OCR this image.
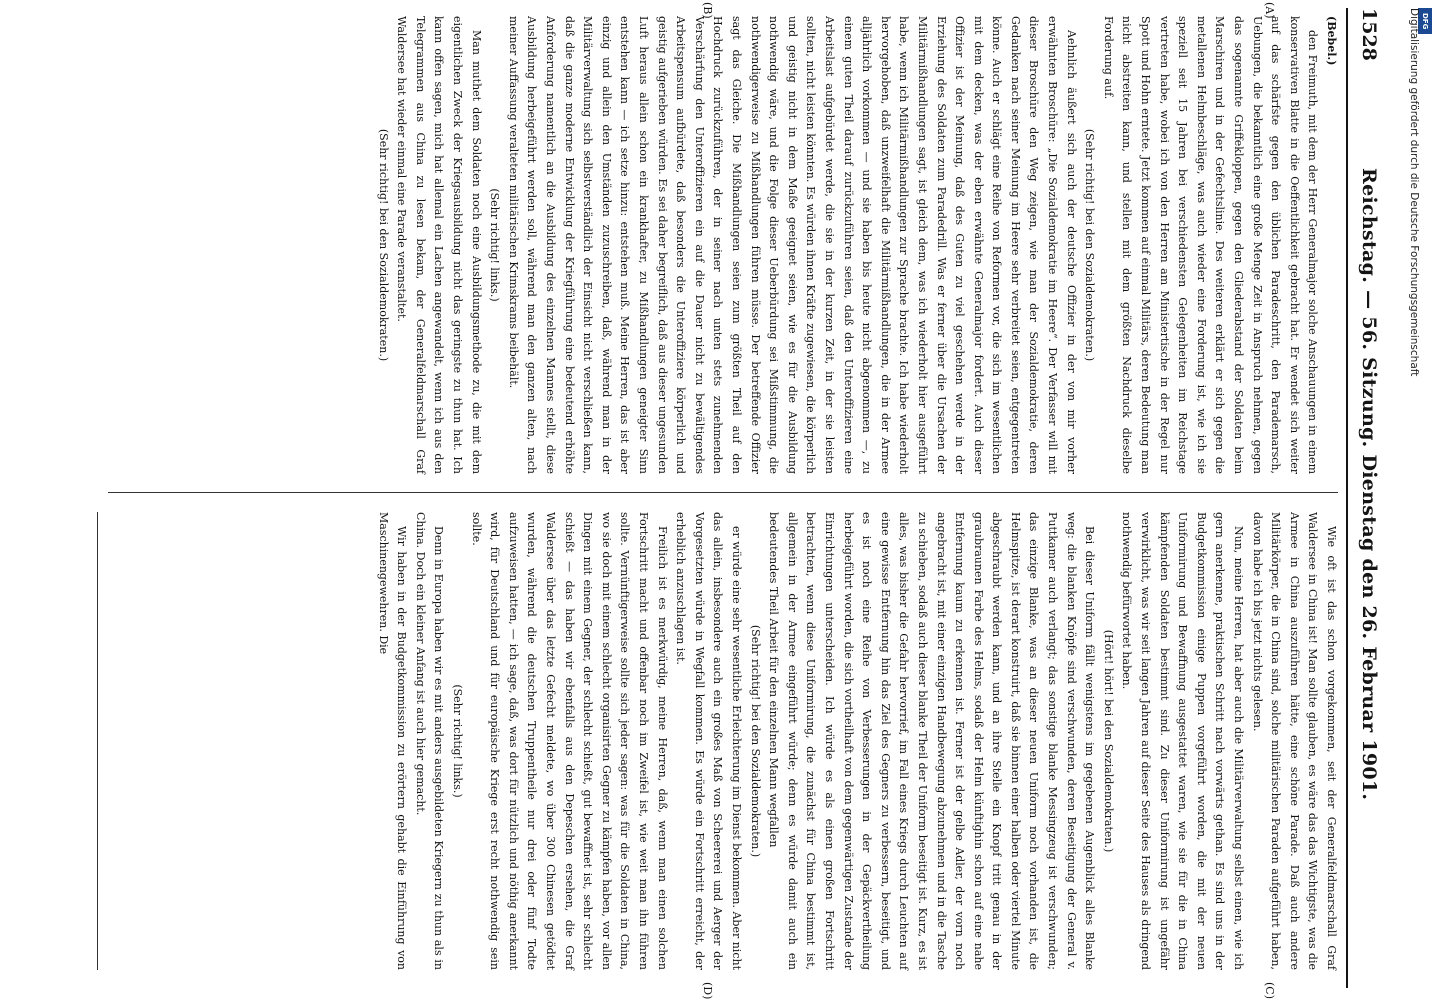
1528
Reichstag. — 56. Sitzung. Dienstag den 26. Februar 1901.
(A)
(B)

(Bebel.)

den Freimuth, mit dem der Herr Generalmajor solche Anschauungen in einem konservativen Blatte in die Oeffentlichkeit gebracht hat. Er wendet sich weiter auf das schärfste gegen den üblichen Paradeschritt, den Parademarsch, Uebungen, die bekanntlich eine große Menge Zeit in Anspruch nehmen, gegen das sogenannte Griffekloppen, gegen den Gliederabstand der Soldaten beim Marschiren und in der Gefechtslinie. Des weiteren erklärt er sich gegen die metallenen Helmbeschläge, was auch wieder eine Forderung ist, wie ich sie speziell seit 15 Jahren bei verschiedensten Gelegenheiten im Reichstage vertreten habe, wobei ich von den Herren am Ministertische in der Regel nur Spott und Hohn erntete. Jetzt kommen auf einmal Militärs, deren Bedeutung man nicht abstreiten kann, und stellen mit dem größten Nachdruck dieselbe Forderung auf.

(Sehr richtig! bei den Sozialdemokraten.)

Aehnlich äußert sich auch der deutsche Offizier in der von mir vorher erwähnten Broschüre: „Die Sozialdemokratie im Heere“. Der Verfasser will mit dieser Broschüre den Weg zeigen, wie man der Sozialdemokratie, deren Gedanken nach seiner Meinung im Heere sehr verbreitet seien, entgegentreten könne. Auch er schlägt eine Reihe von Reformen vor, die sich im wesentlichen mit dem decken, was der eben erwähnte Generalmajor fordert. Auch dieser Offizier ist der Meinung, daß des Guten zu viel geschehen werde in der Erziehung des Soldaten zum Paradedrill. Was er ferner über die Ursachen der Militärmißhandlungen sagt, ist gleich dem, was ich wiederholt hier ausgeführt habe, wenn ich Militärmißhandlungen zur Sprache brachte. Ich habe wiederholt hervorgehoben, daß unzweifelhaft die Militärmißhandlungen, die in der Armee alljährlich vorkommen — und sie haben bis heute nicht abgenommen —, zu einem guten Theil darauf zurückzuführen seien, daß den Unteroffizieren eine Arbeitslast aufgebürdet werde, die sie in der kurzen Zeit, in der sie leisten sollten, nicht leisten könnten. Es würden ihnen Kräfte zugewiesen, die körperlich und geistig nicht in dem Maße geeignet seien, wie es für die Ausbildung nothwendig wäre, und die Folge dieser Ueberbürdung sei Mißstimmung, die nothwendigerweise zu Mißhandlungen führen müsse. Der betreffende Offizier sagt das Gleiche. Die Mißhandlungen seien zum größten Theil auf den Hochdruck zurückzuführen, der in seiner nach unten stets zunehmenden Verschärfung den Unteroffizieren ein auf die Dauer nicht zu bewältigendes Arbeitspensum aufbürdete, daß besonders die Unteroffiziere körperlich und geistig aufgerieben würden. Es sei daher begreiflich, daß aus dieser ungesunden Luft heraus allein schon ein krankhafter, zu Mißhandlungen geneigter Sinn entstehen kann — ich setze hinzu: entstehen muß. Meine Herren, das ist aber einzig und allein den Umständen zuzuschreiben, daß, während man in der Militärverwaltung sich selbstverständlich der Einsicht nicht verschließen kann, daß die ganze moderne Entwicklung der Kriegführung eine bedeutend erhöhte Anforderung namentlich an die Ausbildung des einzelnen Mannes stellt, diese Ausbildung herbeigeführt werden soll, während man den ganzen alten, nach meiner Auffassung veralteten militärischen Krimskrams beibehält.

(Sehr richtig! links.)

Man muthet dem Soldaten noch eine Ausbildungsmethode zu, die mit dem eigentlichen Zweck der Kriegsausbildung nicht das geringste zu thun hat. Ich kann offen sagen, mich hat allemal ein Lachen angewandelt, wenn ich aus den Telegrammen aus China zu lesen bekam, der Generalfeldmarschall Graf Waldersee hat wieder einmal eine Parade veranstaltet.

(Sehr richtig! bei den Sozialdemokraten.)

(C)
(D)

Wie oft ist das schon vorgekommen, seit der Generalfeldmarschall Graf Waldersee in China ist! Man sollte glauben, es wäre das das Wichtigste, was die Armee in China auszuführen hätte, eine schöne Parade. Daß auch andere Militärkörper, die in China sind, solche militärischen Paraden aufgeführt haben, davon habe ich bis jetzt nichts gelesen.

Nun, meine Herren, hat aber auch die Militärverwaltung selbst einen, wie ich gern anerkenne, praktischen Schritt nach vorwärts gethan. Es sind uns in der Budgetkommission einige Puppen vorgeführt worden, die mit der neuen Uniformirung und Bewaffnung ausgestattet waren, wie sie für die in China kämpfenden Soldaten bestimmt sind. Zu dieser Uniformirung ist ungefähr verwirklicht, was wir seit langen Jahren auf dieser Seite des Hauses als dringend nothwendig befürwortet haben.

(Hört! hört! bei den Sozialdemokraten.)

Bei dieser Uniform fällt wenigstens im gegebenen Augenblick alles Blanke weg: die blanken Knöpfe sind verschwunden, deren Beseitigung der General v. Puttkamer auch verlangt; das sonstige blanke Messingzeug ist verschwunden; das einzige Blanke, was an dieser neuen Uniform noch vorhanden ist, die Helmspitze, ist derart konstruirt, daß sie binnen einer halben oder viertel Minute abgeschraubt werden kann, und an ihre Stelle ein Knopf tritt genau in der graubraunen Farbe des Helms, sodaß der Helm künftighin schon auf eine nahe Entfernung kaum zu erkennen ist. Ferner ist der gelbe Adler, der vorn noch angebracht ist, mit einer einzigen Handbewegung abzunehmen und in die Tasche zu schieben, sodaß auch dieser blanke Theil der Uniform beseitigt ist. Kurz, es ist alles, was bisher die Gefahr hervorrief, im Fall eines Kriegs durch Leuchten auf eine gewisse Entfernung hin das Ziel des Gegners zu verbessern, beseitigt, und es ist noch eine Reihe von Verbesserungen in der Gepäckvertheilung herbeigeführt worden, die sich vortheilhaft von dem gegenwärtigen Zustande der Einrichtungen unterscheiden. Ich würde es als einen großen Fortschritt betrachten, wenn diese Uniformirung, die zunächst für China bestimmt ist, allgemein in der Armee eingeführt würde; denn es würde damit auch ein bedeutendes Theil Arbeit für den einzelnen Mann wegfallen

(Sehr richtig! bei den Sozialdemokraten.)

er würde eine sehr wesentliche Erleichterung im Dienst bekommen. Aber nicht das allein, insbesondere auch ein großes Maß von Scheererei und Aerger der Vorgesetzten würde in Wegfall kommen. Es würde ein Fortschritt erreicht, der erheblich anzuschlagen ist.

Freilich ist es merkwürdig, meine Herren, daß, wenn man einen solchen Fortschritt macht und offenbar noch im Zweifel ist, wie weit man ihn führen sollte. Vernünftigerweise sollte sich jeder sagen: was für die Soldaten in China, wo sie doch mit einem schlecht organisirten Gegner zu kämpfen haben, vor allen Dingen mit einem Gegner, der schlecht schießt, gut bewaffnet ist, sehr schlecht schießt — das haben wir ebenfalls aus den Depeschen ersehen, die Graf Waldersee über das letzte Gefecht meldete, wo über 300 Chinesen getödtet wurden, während die deutschen Truppentheile nur drei oder fünf Todte aufzuweisen hatten, — ich sage, daß, was dort für nützlich und nöthig anerkannt wird, für Deutschland und für europäische Kriege erst recht nothwendig sein sollte.

(Sehr richtig! links.)

Denn in Europa haben wir es mit anders ausgebildeten Kriegern zu thun als in China. Doch ein kleiner Anfang ist auch hier gemacht.

Wir haben in der Budgetkommission zu erörtern gehabt die Einführung von Maschinengewehren. Die

DFG
Digitalisierung gefördert durch die Deutsche Forschungsgemeinschaft
